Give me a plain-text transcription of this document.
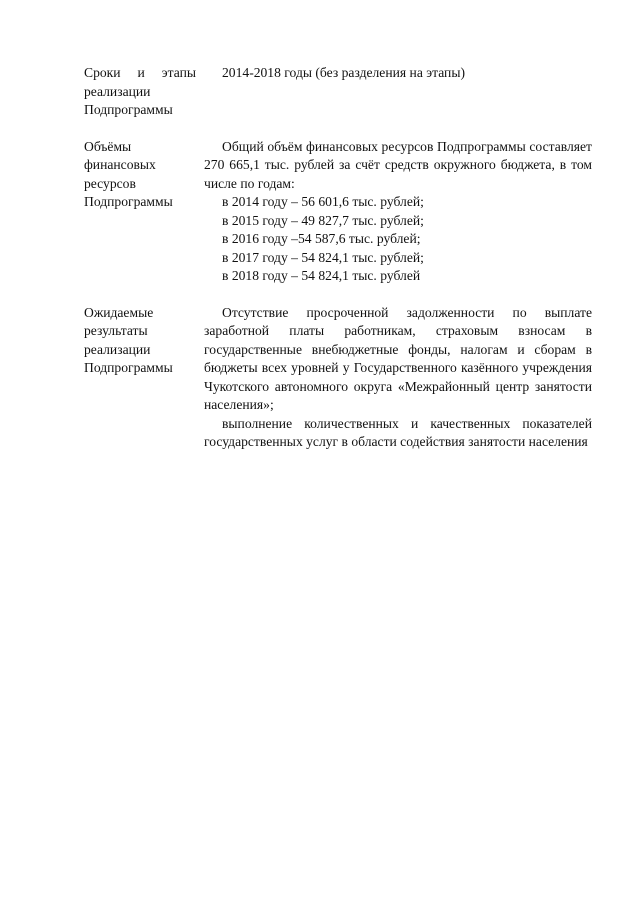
Сроки и этапы
реализации
Подпрограммы

2014-2018 годы (без разделения на этапы)

Объёмы
финансовых
ресурсов
Подпрограммы

Общий объём финансовых ресурсов Подпрограммы составляет 270 665,1 тыс. рублей за счёт средств окружного бюджета, в том числе по годам:

в 2014 году – 56 601,6 тыс. рублей;

в 2015 году – 49 827,7 тыс. рублей;

в 2016 году –54 587,6 тыс. рублей;

в 2017 году – 54 824,1 тыс. рублей;

в 2018 году – 54 824,1 тыс. рублей

Ожидаемые
результаты
реализации
Подпрограммы

Отсутствие просроченной задолженности по выплате заработной платы работникам, страховым взносам в государственные внебюджетные фонды, налогам и сборам в бюджеты всех уровней у Государственного казённого учреждения Чукотского автономного округа «Межрайонный центр занятости населения»;

выполнение количественных и качественных показателей государственных услуг в области содействия занятости населения
